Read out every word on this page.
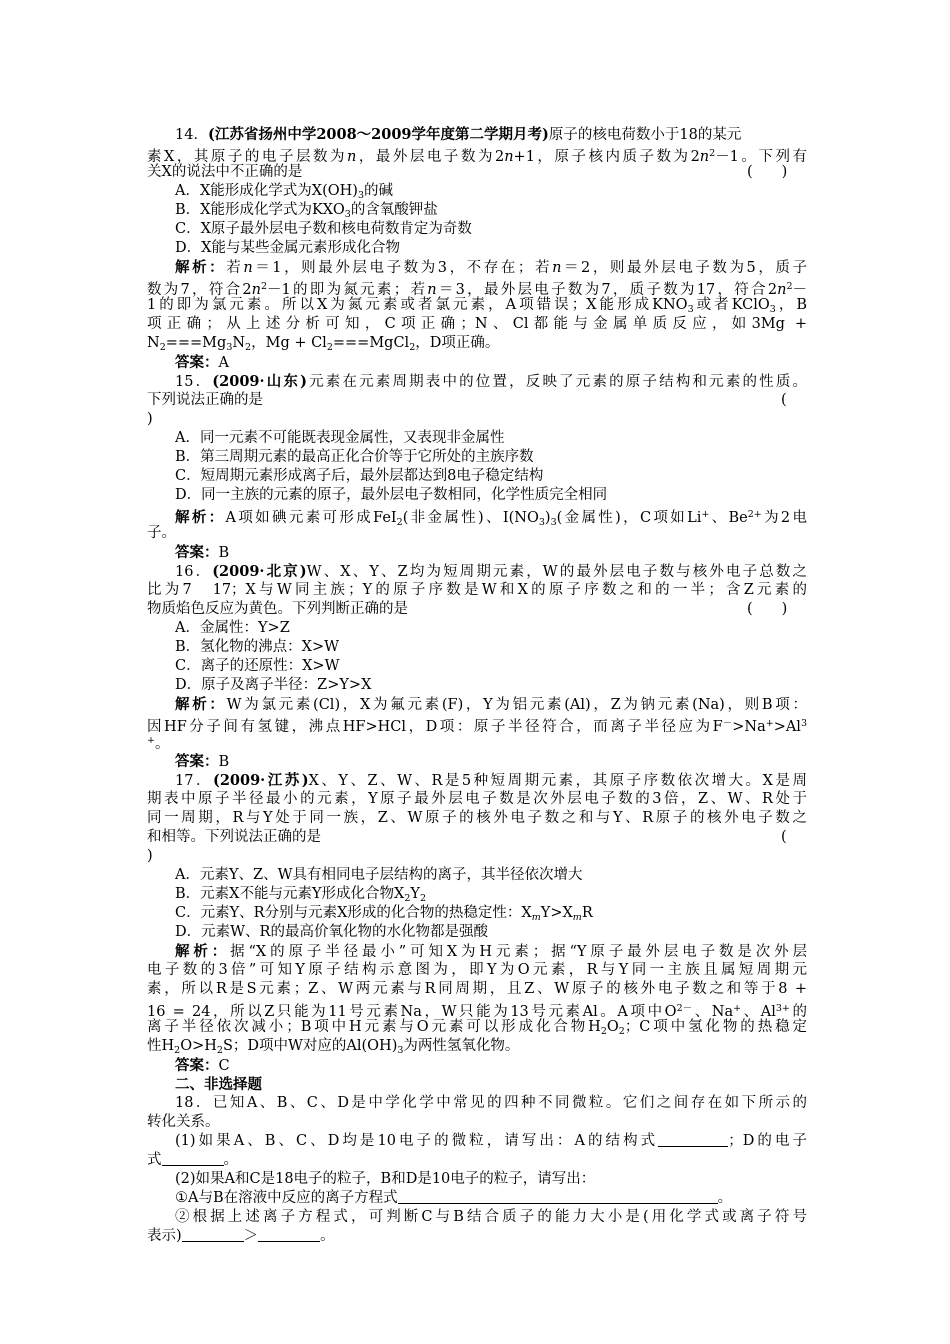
14．(江苏省扬州中学2008～2009学年度第二学期月考)原子的核电荷数小于18的某元
素X，其原子的电子层数为n，最外层电子数为2n+1，原子核内质子数为$2n^2-1$。下列有
关X的说法中不正确的是	(　　)
A．X能形成化学式为$X(OH)_3$的碱
B．X能形成化学式为$KXO_3$的含氧酸钾盐
C．X原子最外层电子数和核电荷数肯定为奇数
D．X能与某些金属元素形成化合物
解析：若n＝1，则最外层电子数为3，不存在；若n＝2，则最外层电子数为5，质子
数为7，符合$2n^2-1$的即为氮元素；若n＝3，最外层电子数为7，质子数为17，符合$2n^2-$
1的即为氯元素。所以X为氮元素或者氯元素，A项错误；X能形成$KNO_3$或者KClO$_3$，B
项正确；从上述分析可知，C项正确；N、Cl都能与金属单质反应，如3Mg +
$N_2===Mg_3N_2$，$Mg + Cl_2===MgCl_2$，D项正确。
答案：A
15．(2009·山东)元素在元素周期表中的位置，反映了元素的原子结构和元素的性质。
下列说法正确的是	(
)
A．同一元素不可能既表现金属性，又表现非金属性
B．第三周期元素的最高正化合价等于它所处的主族序数
C．短周期元素形成离子后，最外层都达到8电子稳定结构
D．同一主族的元素的原子，最外层电子数相同，化学性质完全相同
解析：A项如碘元素可形成FeI$_2$(非金属性)、$I(NO_3)_3$(金属性)，C项如Li+、$Be^{2+}$为2电
子。
答案：B
16．(2009·北京)W、X、Y、Z均为短周期元素，W的最外层电子数与核外电子总数之
比为7　17；X与W同主族；Y的原子序数是W和X的原子序数之和的一半；含Z元素的
物质焰色反应为黄色。下列判断正确的是	(　　)
A．金属性：Y>Z
B．氢化物的沸点：X>W
C．离子的还原性：X>W
D．原子及离子半径：Z>Y>X
解析：W为氯元素(Cl)，X为氟元素(F)，Y为铝元素(Al)，Z为钠元素(Na)，则B项：
因HF分子间有氢键，沸点HF>HCl，D项：原子半径符合，而离子半径应为$F^->Na^+>Al^3$
+。
答案：B
17．(2009·江苏)X、Y、Z、W、R是5种短周期元素，其原子序数依次增大。X是周
期表中原子半径最小的元素，Y原子最外层电子数是次外层电子数的3倍，Z、W、R处于
同一周期，R与Y处于同一族，Z、W原子的核外电子数之和与Y、R原子的核外电子数之
和相等。下列说法正确的是	(
)
A．元素Y、Z、W具有相同电子层结构的离子，其半径依次增大
B．元素X不能与元素Y形成化合物$X_2Y_2$
C．元素Y、R分别与元素X形成的化合物的热稳定性：$X_mY>X_mR$
D．元素W、R的最高价氧化物的水化物都是强酸
解析：据“X的原子半径最小”可知X为H元素；据“Y原子最外层电子数是次外层
电子数的3倍”可知Y原子结构示意图为，即Y为O元素，R与Y同一主族且属短周期元
素，所以R是S元素；Z、W两元素与R同周期，且Z、W原子的核外电子数之和等于8 +
16 = 24，所以Z只能为11号元素Na，W只能为13号元素Al。A项中$O^{2-}$、Na+、$Al^{3+}$的
离子半径依次减小；B项中H元素与O元素可以形成化合物$H_2O_2$；C项中氢化物的热稳定
性$H_2O>H_2S$；D项中W对应的$Al(OH)_3$为两性氢氧化物。
答案：C
二、非选择题
18．已知A、B、C、D是中学化学中常见的四种不同微粒。它们之间存在如下所示的
转化关系。
(1)如果A、B、C、D均是10电子的微粒，请写出：A的结构式	；D的电子
式	。
(2)如果A和C是18电子的粒子，B和D是10电子的粒子，请写出：
①A与B在溶液中反应的离子方程式	。
②根据上述离子方程式，可判断C与B结合质子的能力大小是(用化学式或离子符号
表示)	＞	。
